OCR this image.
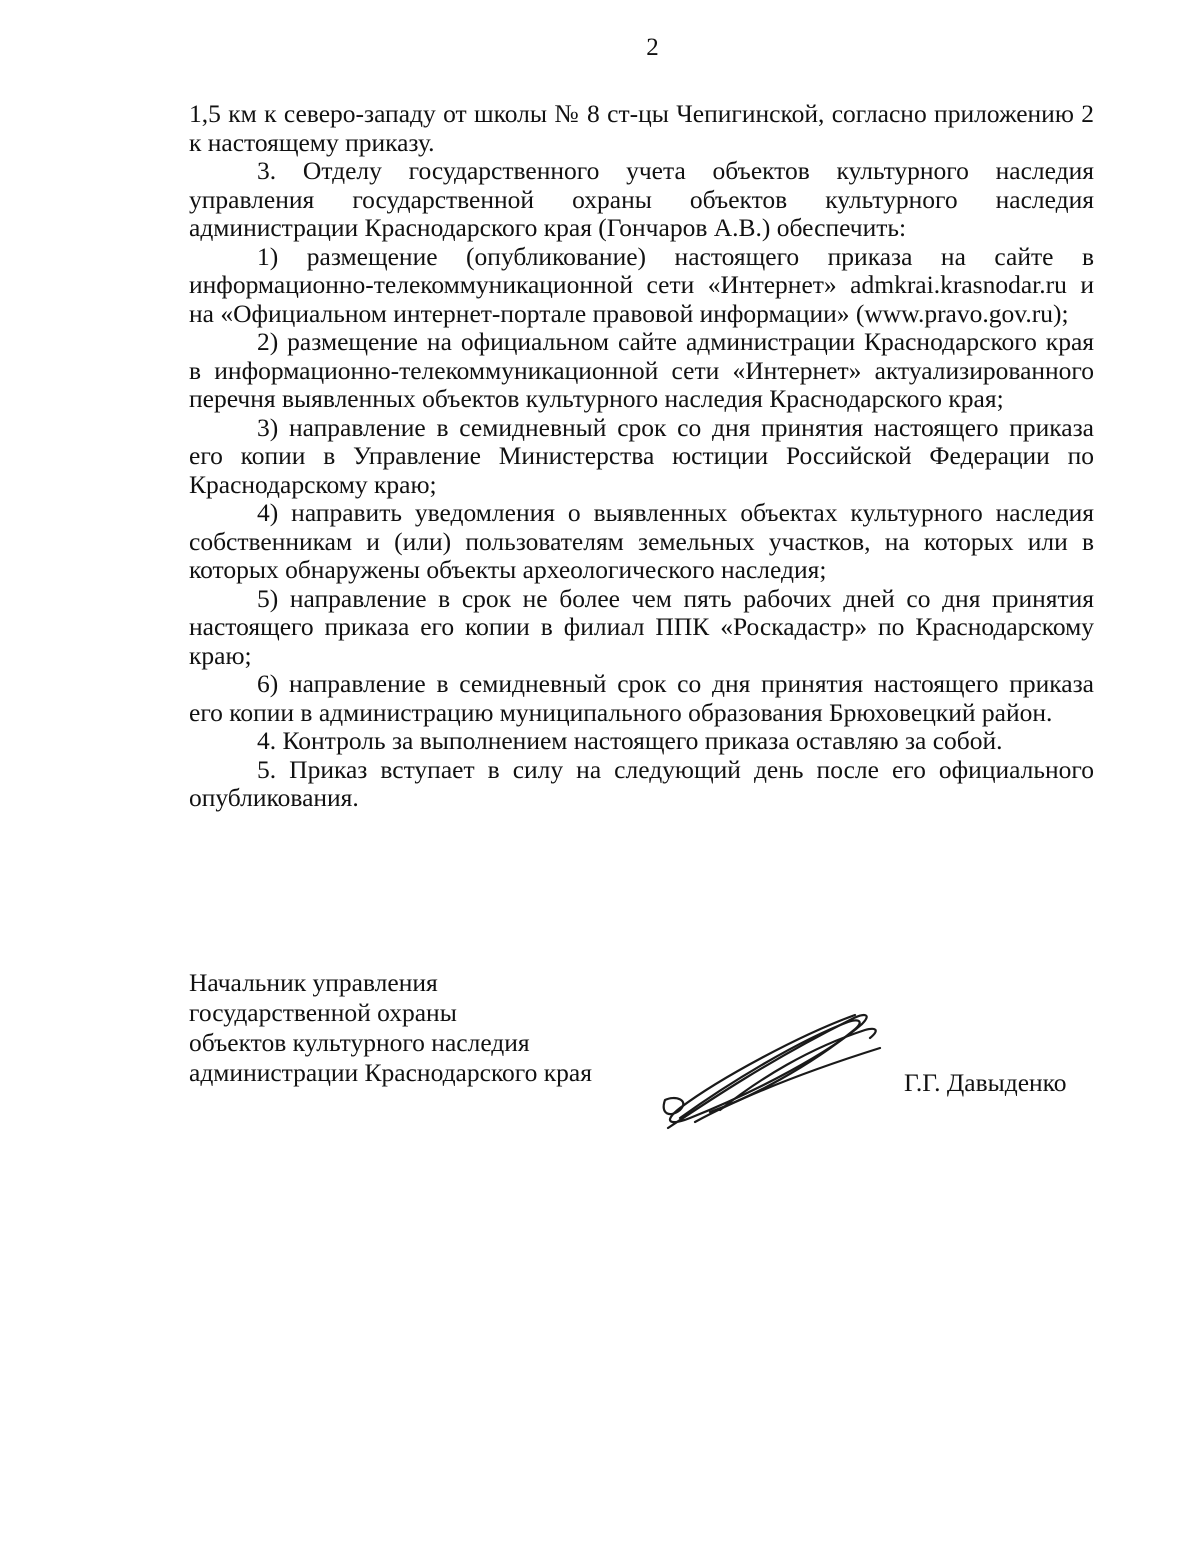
2

1,5 км к северо-западу от школы № 8 ст-цы Чепигинской, согласно приложению 2 к настоящему приказу.

3. Отделу государственного учета объектов культурного наследия управления государственной охраны объектов культурного наследия администрации Краснодарского края (Гончаров А.В.) обеспечить:

1) размещение (опубликование) настоящего приказа на сайте в информационно-телекоммуникационной сети «Интернет» admkrai.krasnodar.ru и на «Официальном интернет-портале правовой информации» (www.pravo.gov.ru);

2) размещение на официальном сайте администрации Краснодарского края в информационно-телекоммуникационной сети «Интернет» актуализированного перечня выявленных объектов культурного наследия Краснодарского края;

3) направление в семидневный срок со дня принятия настоящего приказа его копии в Управление Министерства юстиции Российской Федерации по Краснодарскому краю;

4) направить уведомления о выявленных объектах культурного наследия собственникам и (или) пользователям земельных участков, на которых или в которых обнаружены объекты археологического наследия;

5) направление в срок не более чем пять рабочих дней со дня принятия настоящего приказа его копии в филиал ППК «Роскадастр» по Краснодарскому краю;

6) направление в семидневный срок со дня принятия настоящего приказа его копии в администрацию муниципального образования Брюховецкий район.

4. Контроль за выполнением настоящего приказа оставляю за собой.

5. Приказ вступает в силу на следующий день после его официального опубликования.

Начальник управления
государственной охраны
объектов культурного наследия
администрации Краснодарского края	Г.Г. Давыденко
